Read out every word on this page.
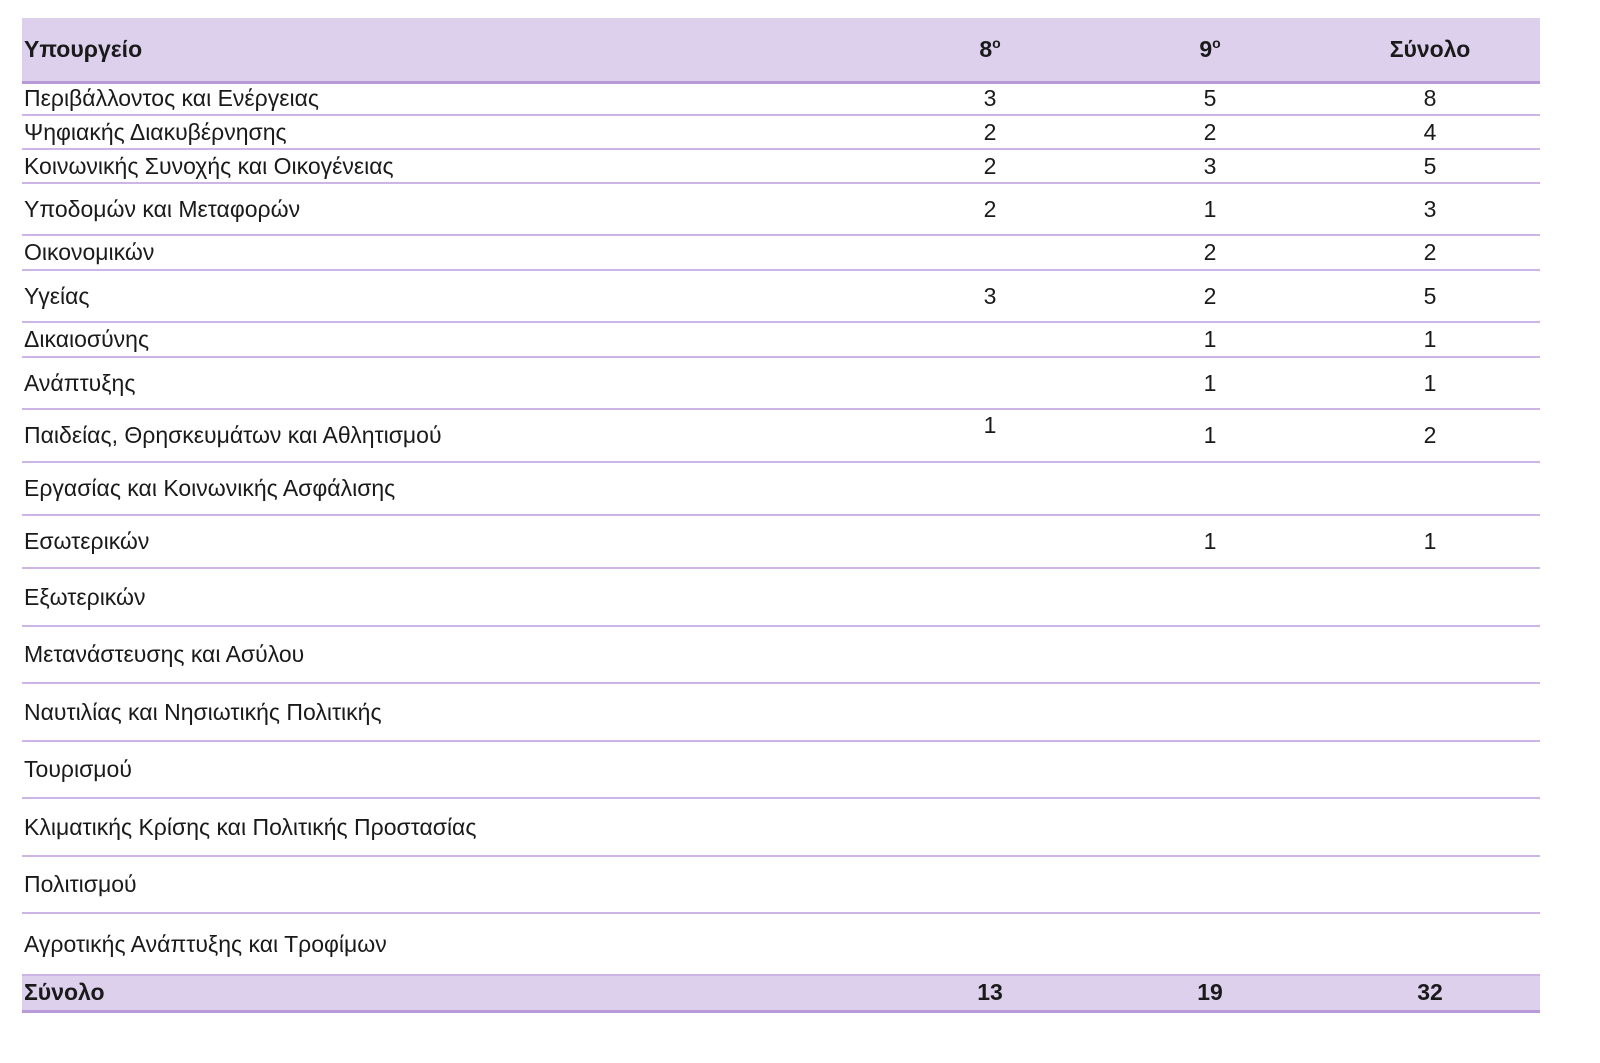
Υπουργείο	$8^o$	$9^o$	Σύνολο
Περιβάλλοντος και Ενέργειας	3	5	8
Ψηφιακής Διακυβέρνησης	2	2	4
Κοινωνικής Συνοχής και Οικογένειας	2	3	5
Υποδομών και Μεταφορών	2	1	3
Οικονομικών		2	2
Υγείας	3	2	5
Δικαιοσύνης		1	1
Ανάπτυξης		1	1
Παιδείας, Θρησκευμάτων και Αθλητισμού	1	1	2
Εργασίας και Κοινωνικής Ασφάλισης			
Εσωτερικών		1	1
Εξωτερικών			
Μετανάστευσης και Ασύλου			
Ναυτιλίας και Νησιωτικής Πολιτικής			
Τουρισμού			
Κλιματικής Κρίσης και Πολιτικής Προστασίας			
Πολιτισμού			
Αγροτικής Ανάπτυξης και Τροφίμων			
Σύνολο	13	19	32
